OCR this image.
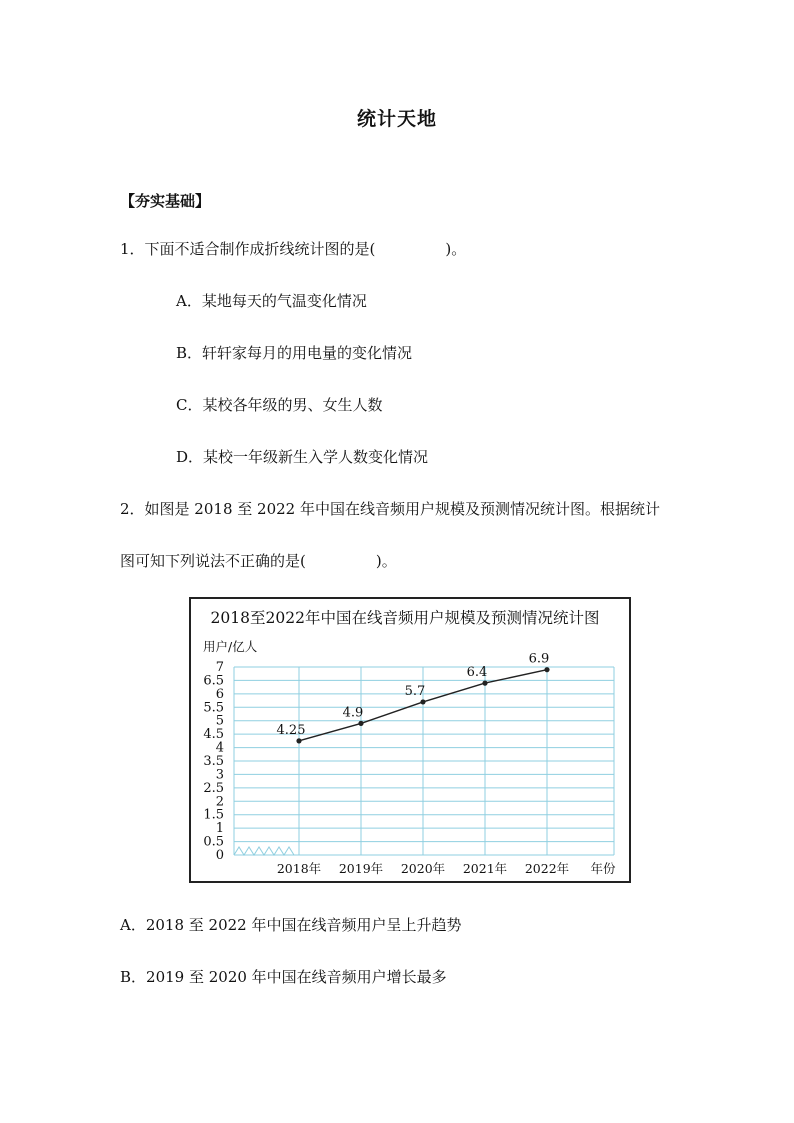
统计天地
【夯实基础】
1．下面不适合制作成折线统计图的是(	)。
A．某地每天的气温变化情况
B．轩轩家每月的用电量的变化情况
C．某校各年级的男、女生人数
D．某校一年级新生入学人数变化情况
2．如图是 2018 至 2022 年中国在线音频用户规模及预测情况统计图。根据统计
图可知下列说法不正确的是(	)。
2018至2022年中国在线音频用户规模及预测情况统计图
用户/亿人
年份
0
0.5
1
1.5
2
2.5
3
3.5
4
4.5
5
5.5
6
6.5
7
2018年 2019年 2020年 2021年 2022年
4.25
4.9
5.7
6.4
6.9
A．2018 至 2022 年中国在线音频用户呈上升趋势
B．2019 至 2020 年中国在线音频用户增长最多
